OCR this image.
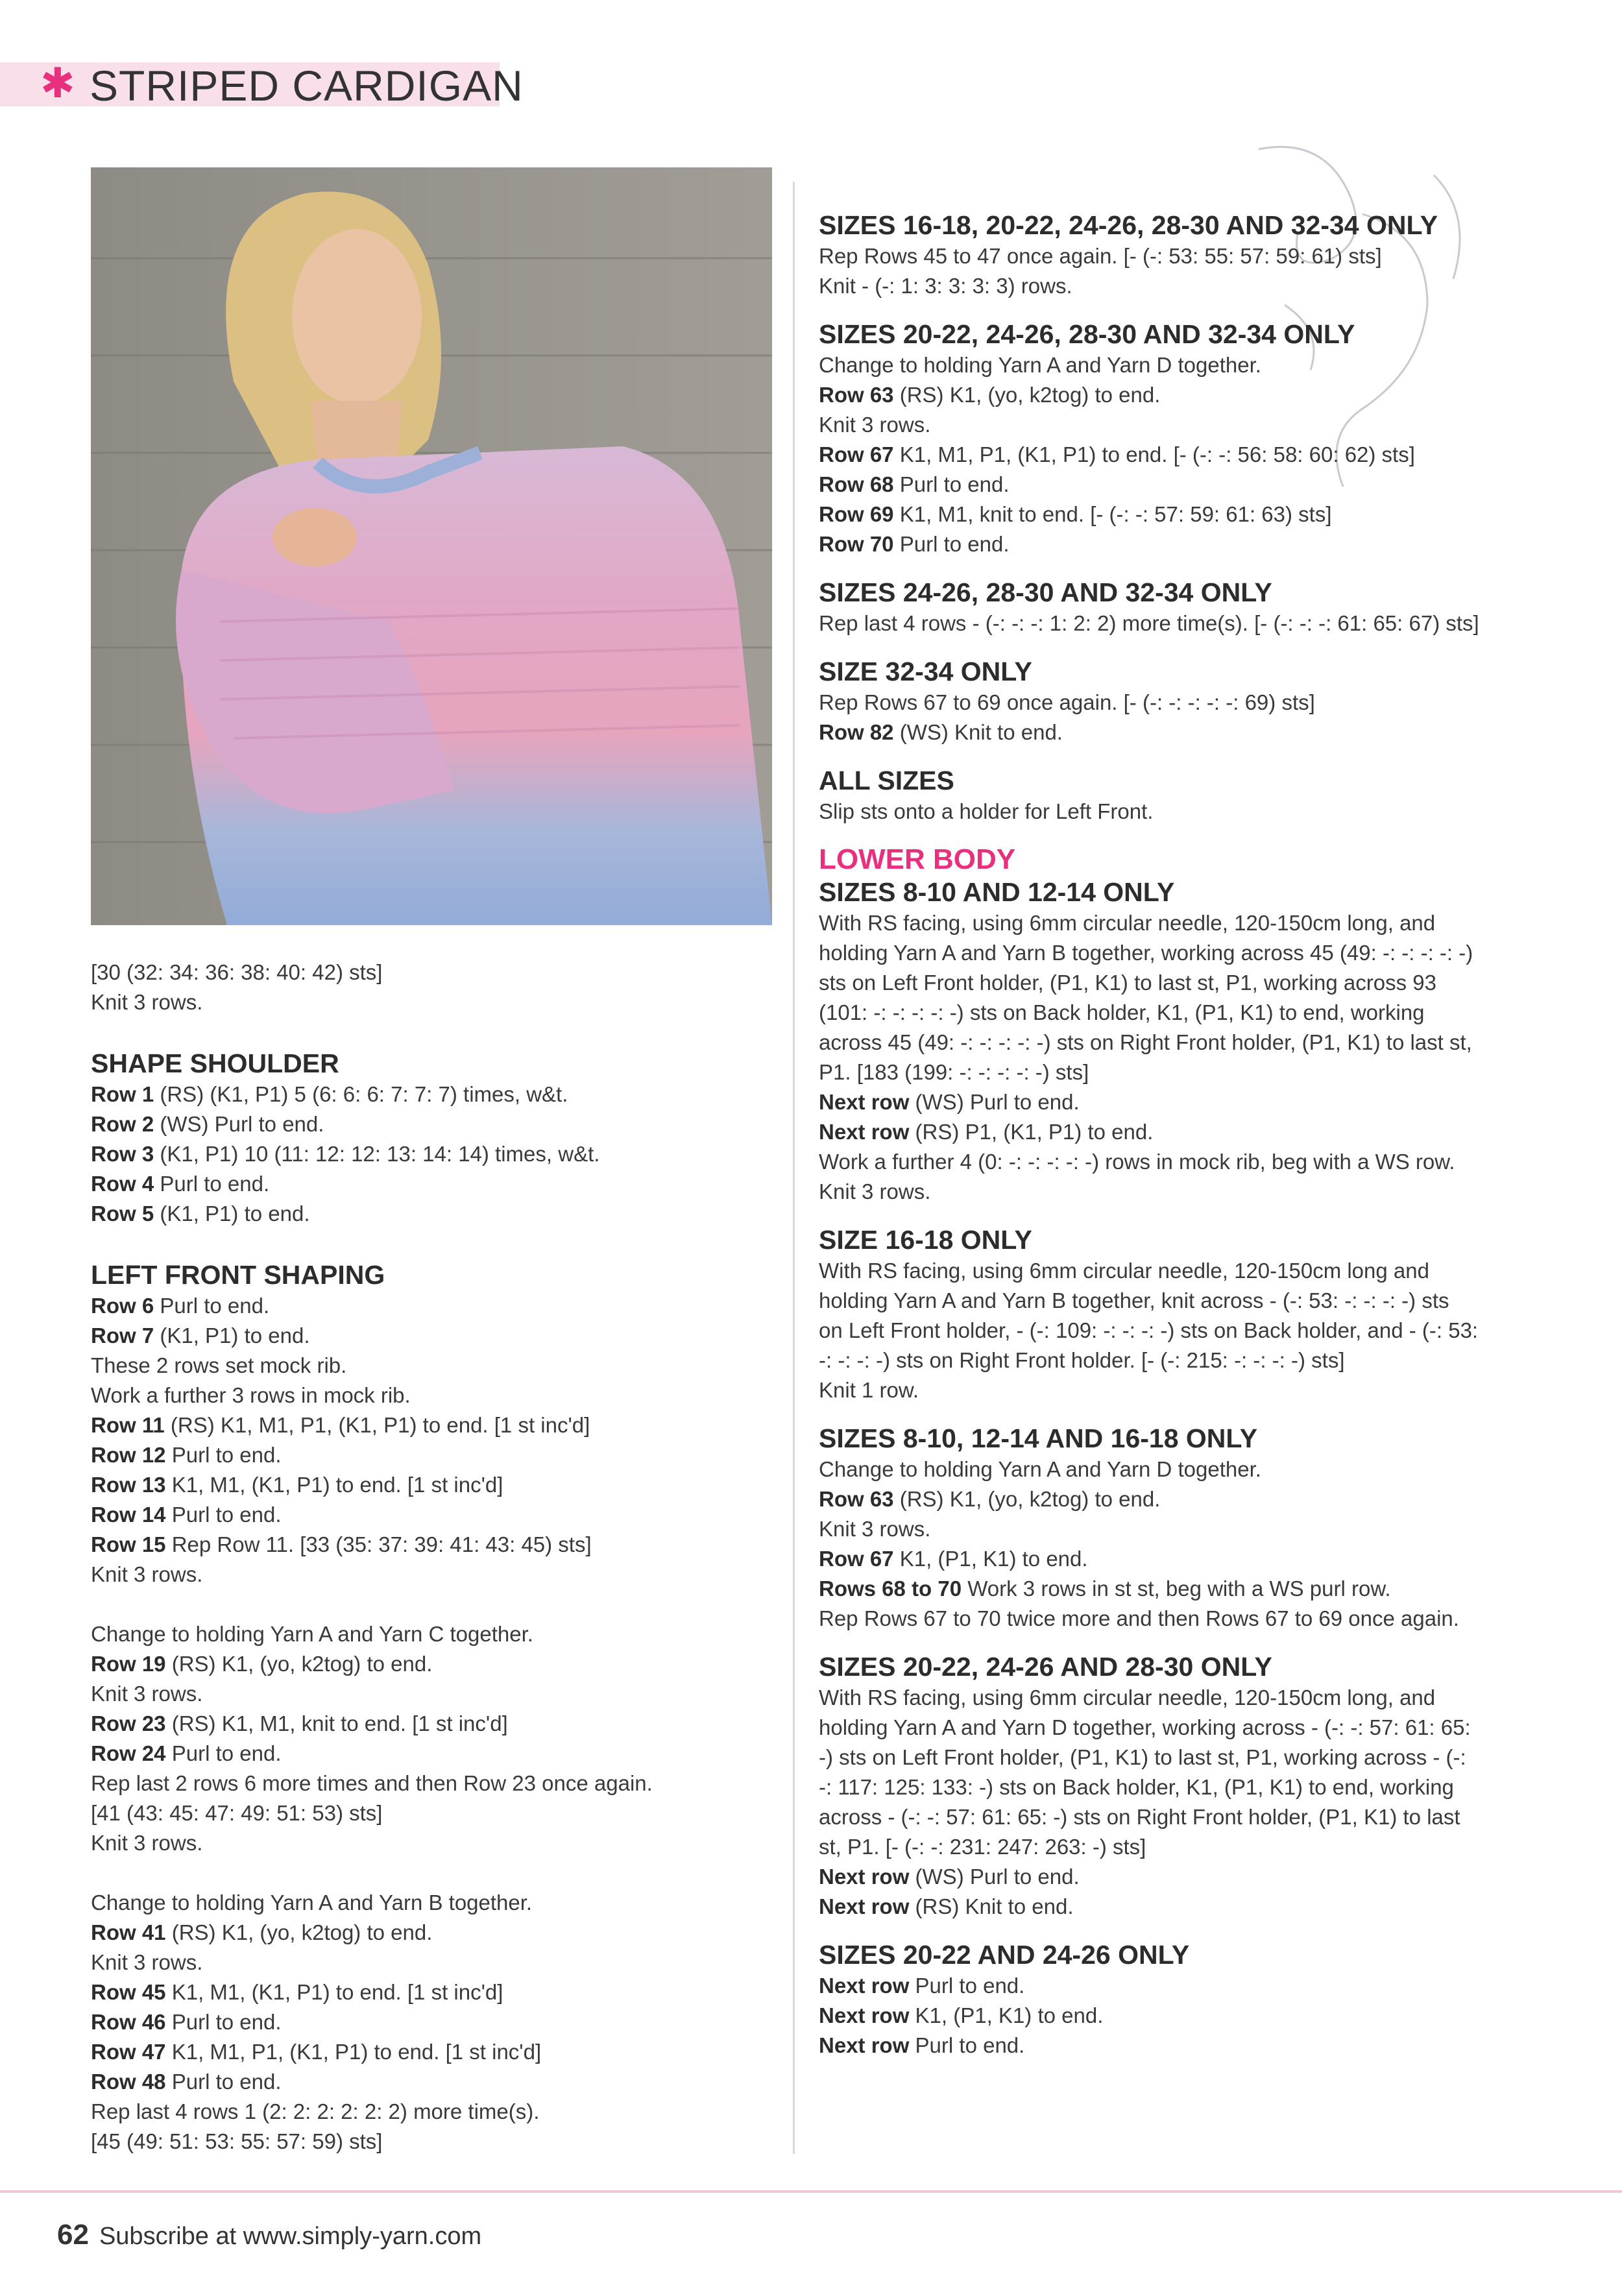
✱ STRIPED CARDIGAN

[30 (32: 34: 36: 38: 40: 42) sts]

Knit 3 rows.

SHAPE SHOULDER

Row 1 (RS) (K1, P1) 5 (6: 6: 6: 7: 7: 7) times, w&t.

Row 2 (WS) Purl to end.

Row 3 (K1, P1) 10 (11: 12: 12: 13: 14: 14) times, w&t.

Row 4 Purl to end.

Row 5 (K1, P1) to end.

LEFT FRONT SHAPING

Row 6 Purl to end.

Row 7 (K1, P1) to end.

These 2 rows set mock rib.

Work a further 3 rows in mock rib.

Row 11 (RS) K1, M1, P1, (K1, P1) to end. [1 st inc'd]

Row 12 Purl to end.

Row 13 K1, M1, (K1, P1) to end. [1 st inc'd]

Row 14 Purl to end.

Row 15 Rep Row 11. [33 (35: 37: 39: 41: 43: 45) sts]

Knit 3 rows.

Change to holding Yarn A and Yarn C together.

Row 19 (RS) K1, (yo, k2tog) to end.

Knit 3 rows.

Row 23 (RS) K1, M1, knit to end. [1 st inc'd]

Row 24 Purl to end.

Rep last 2 rows 6 more times and then Row 23 once again.

[41 (43: 45: 47: 49: 51: 53) sts]

Knit 3 rows.

Change to holding Yarn A and Yarn B together.

Row 41 (RS) K1, (yo, k2tog) to end.

Knit 3 rows.

Row 45 K1, M1, (K1, P1) to end. [1 st inc'd]

Row 46 Purl to end.

Row 47 K1, M1, P1, (K1, P1) to end. [1 st inc'd]

Row 48 Purl to end.

Rep last 4 rows 1 (2: 2: 2: 2: 2: 2) more time(s).

[45 (49: 51: 53: 55: 57: 59) sts]

SIZES 16-18, 20-22, 24-26, 28-30 AND 32-34 ONLY

Rep Rows 45 to 47 once again. [- (-: 53: 55: 57: 59: 61) sts]

Knit - (-: 1: 3: 3: 3: 3) rows.

SIZES 20-22, 24-26, 28-30 AND 32-34 ONLY

Change to holding Yarn A and Yarn D together.

Row 63 (RS) K1, (yo, k2tog) to end.

Knit 3 rows.

Row 67 K1, M1, P1, (K1, P1) to end. [- (-: -: 56: 58: 60: 62) sts]

Row 68 Purl to end.

Row 69 K1, M1, knit to end. [- (-: -: 57: 59: 61: 63) sts]

Row 70 Purl to end.

SIZES 24-26, 28-30 AND 32-34 ONLY

Rep last 4 rows - (-: -: -: 1: 2: 2) more time(s). [- (-: -: -: 61: 65: 67) sts]

SIZE 32-34 ONLY

Rep Rows 67 to 69 once again. [- (-: -: -: -: -: 69) sts]

Row 82 (WS) Knit to end.

ALL SIZES

Slip sts onto a holder for Left Front.

LOWER BODY

SIZES 8-10 AND 12-14 ONLY

With RS facing, using 6mm circular needle, 120-150cm long, and

holding Yarn A and Yarn B together, working across 45 (49: -: -: -: -: -)

sts on Left Front holder, (P1, K1) to last st, P1, working across 93

(101: -: -: -: -: -) sts on Back holder, K1, (P1, K1) to end, working

across 45 (49: -: -: -: -: -) sts on Right Front holder, (P1, K1) to last st,

P1. [183 (199: -: -: -: -: -) sts]

Next row (WS) Purl to end.

Next row (RS) P1, (K1, P1) to end.

Work a further 4 (0: -: -: -: -: -) rows in mock rib, beg with a WS row.

Knit 3 rows.

SIZE 16-18 ONLY

With RS facing, using 6mm circular needle, 120-150cm long and

holding Yarn A and Yarn B together, knit across - (-: 53: -: -: -: -) sts

on Left Front holder, - (-: 109: -: -: -: -) sts on Back holder, and - (-: 53:

-: -: -: -) sts on Right Front holder. [- (-: 215: -: -: -: -) sts]

Knit 1 row.

SIZES 8-10, 12-14 AND 16-18 ONLY

Change to holding Yarn A and Yarn D together.

Row 63 (RS) K1, (yo, k2tog) to end.

Knit 3 rows.

Row 67 K1, (P1, K1) to end.

Rows 68 to 70 Work 3 rows in st st, beg with a WS purl row.

Rep Rows 67 to 70 twice more and then Rows 67 to 69 once again.

SIZES 20-22, 24-26 AND 28-30 ONLY

With RS facing, using 6mm circular needle, 120-150cm long, and

holding Yarn A and Yarn D together, working across - (-: -: 57: 61: 65:

-) sts on Left Front holder, (P1, K1) to last st, P1, working across - (-:

-: 117: 125: 133: -) sts on Back holder, K1, (P1, K1) to end, working

across - (-: -: 57: 61: 65: -) sts on Right Front holder, (P1, K1) to last

st, P1. [- (-: -: 231: 247: 263: -) sts]

Next row (WS) Purl to end.

Next row (RS) Knit to end.

SIZES 20-22 AND 24-26 ONLY

Next row Purl to end.

Next row K1, (P1, K1) to end.

Next row Purl to end.

62 Subscribe at www.simply-yarn.com
